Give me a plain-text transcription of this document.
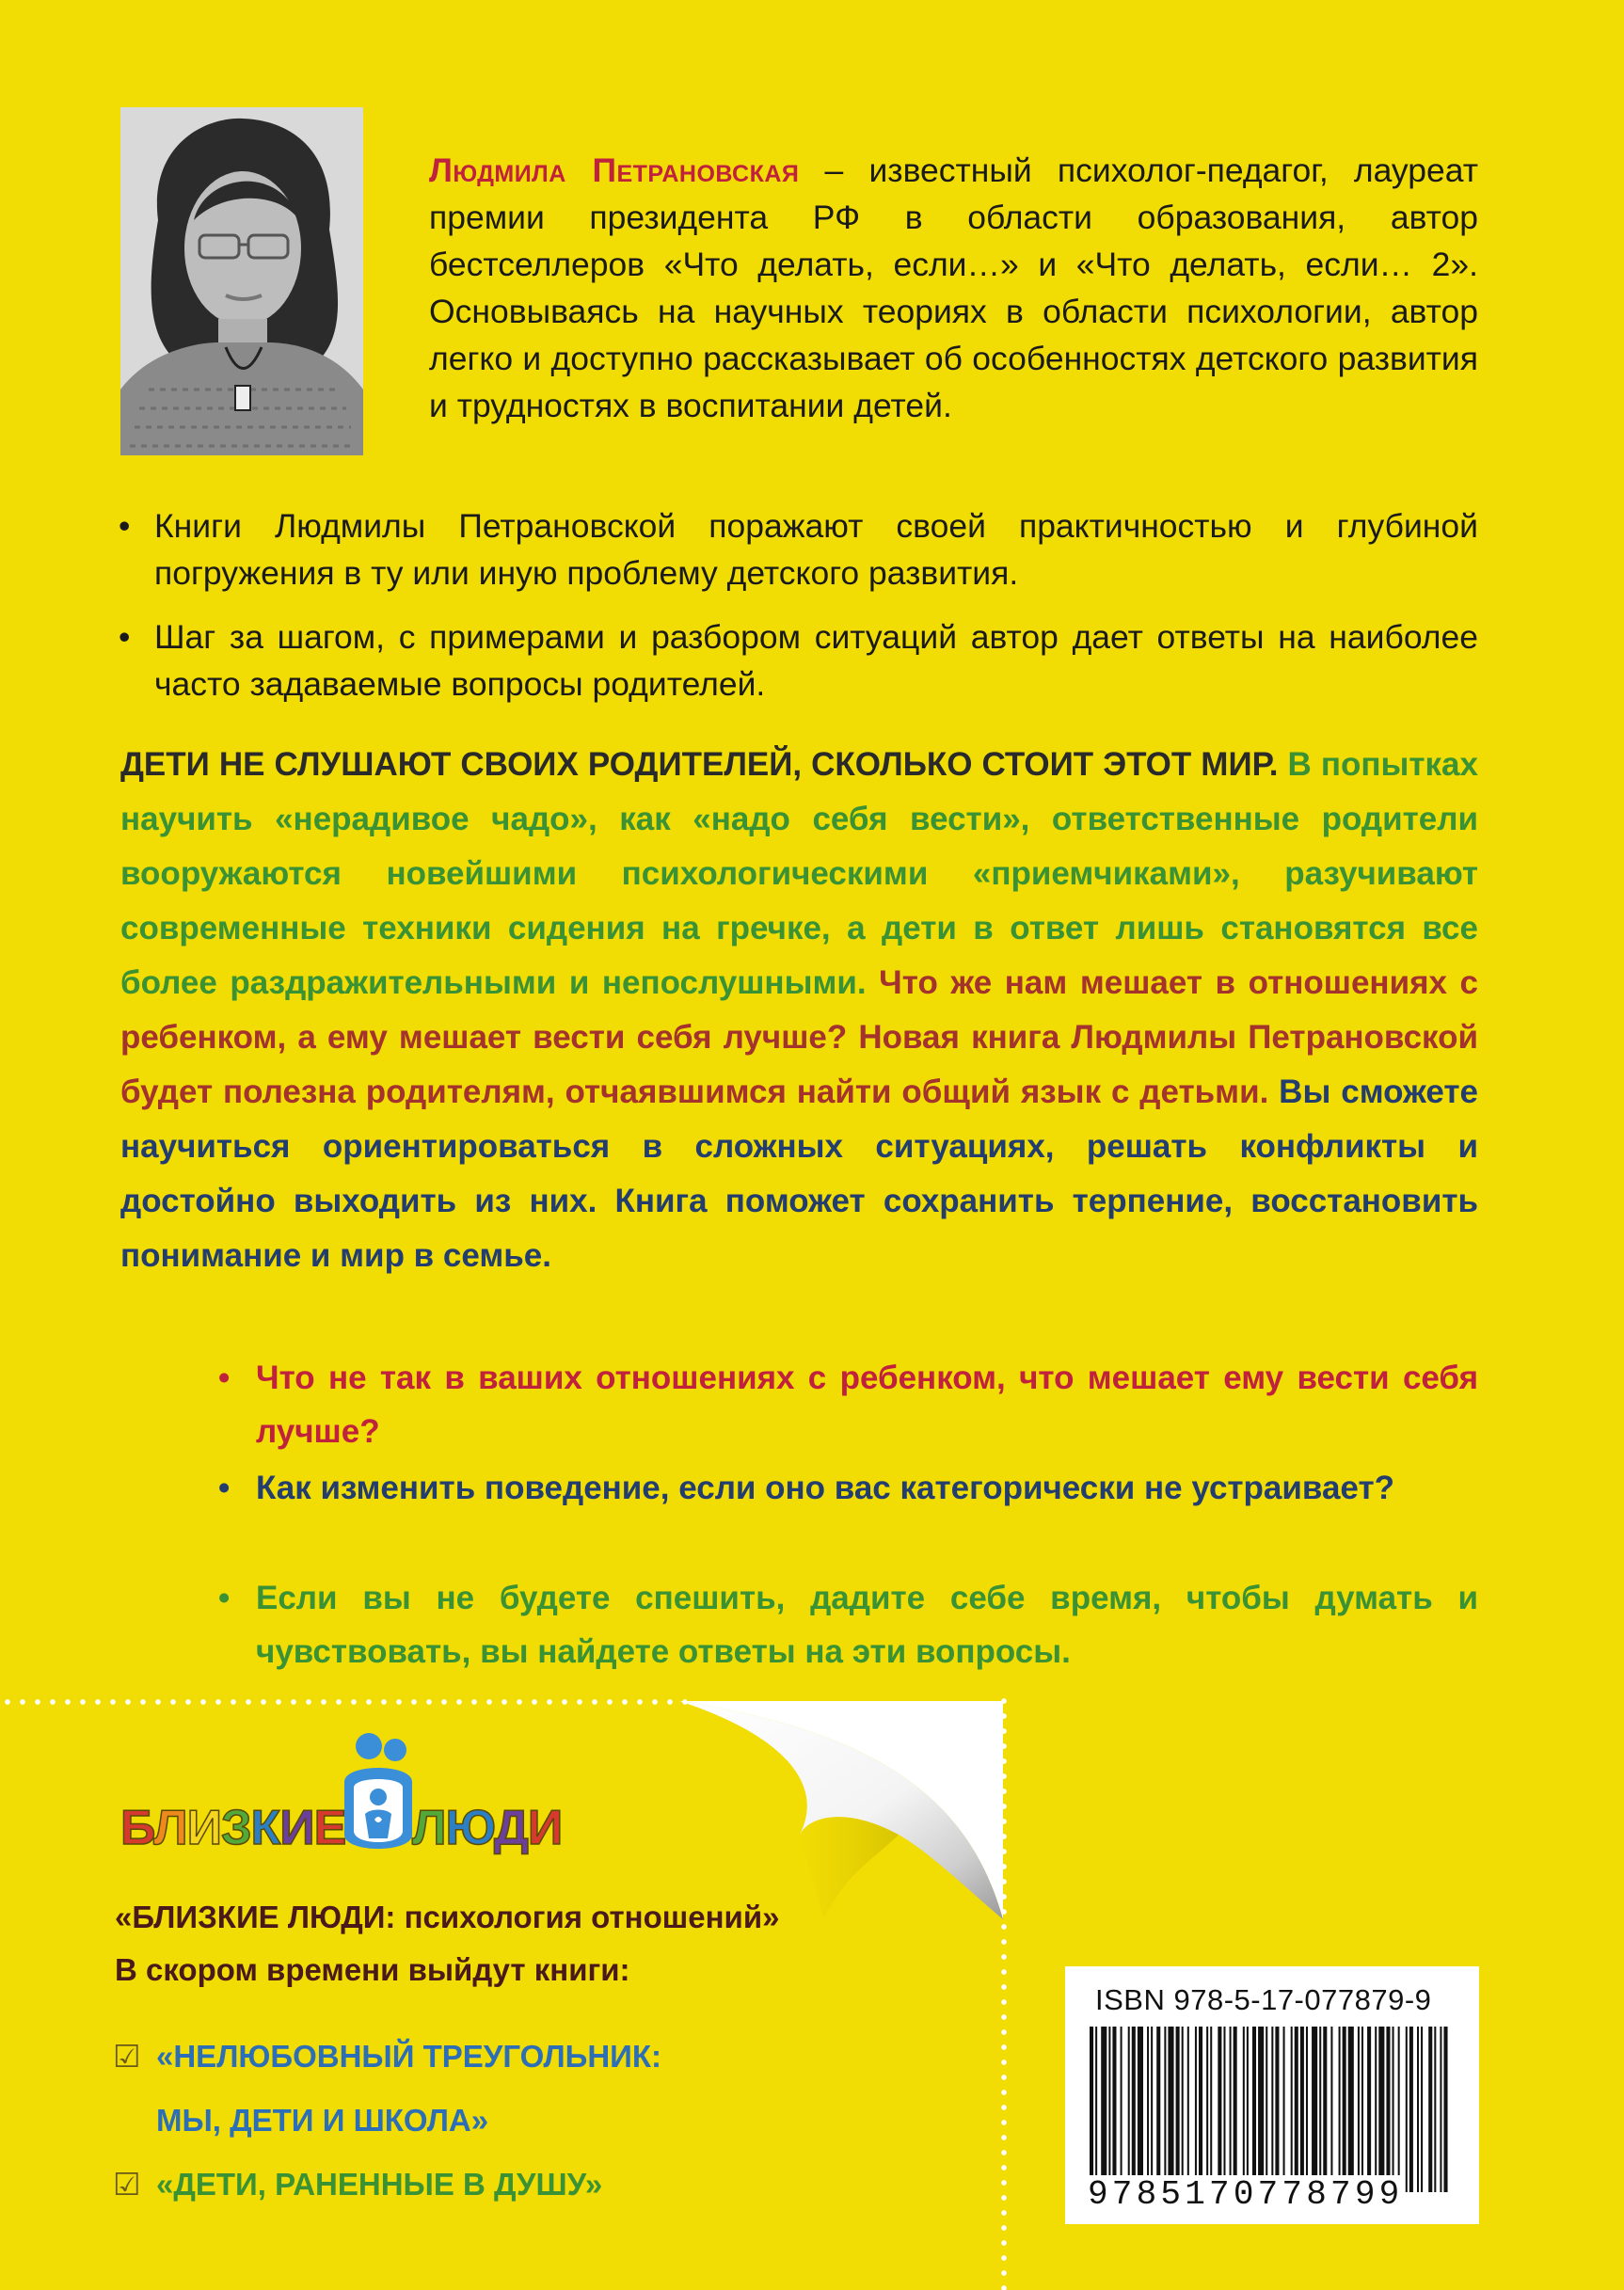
Людмила Петрановская – известный психолог-педагог, лауреат премии президента РФ в области образования, автор бестселлеров «Что делать, если…» и «Что делать, если… 2». Основываясь на научных теориях в области психологии, автор легко и доступно рассказывает об особенностях детского развития и трудностях в воспитании детей.
• Книги Людмилы Петрановской поражают своей практичностью и глубиной погружения в ту или иную проблему детского развития.
• Шаг за шагом, с примерами и разбором ситуаций автор дает ответы на наиболее часто задаваемые вопросы родителей.
ДЕТИ НЕ СЛУШАЮТ СВОИХ РОДИТЕЛЕЙ, СКОЛЬКО СТОИТ ЭТОТ МИР. В попытках научить «нерадивое чадо», как «надо себя вести», ответственные родители вооружаются новейшими психологическими «приемчиками», разучивают современные техники сидения на гречке, а дети в ответ лишь становятся все более раздражительными и непослушными. Что же нам мешает в отношениях с ребенком, а ему мешает вести себя лучше? Новая книга Людмилы Петрановской будет полезна родителям, отчаявшимся найти общий язык с детьми. Вы сможете научиться ориентироваться в сложных ситуациях, решать конфликты и достойно выходить из них. Книга поможет сохранить терпение, восстановить понимание и мир в семье.
• Что не так в ваших отношениях с ребенком, что мешает ему вести себя лучше?
• Как изменить поведение, если оно вас категорически не устраивает?
• Если вы не будете спешить, дадите себе время, чтобы думать и чувствовать, вы найдете ответы на эти вопросы.
БЛИЗКИЕ ЛЮДИ
«БЛИЗКИЕ ЛЮДИ: психология отношений»
В скором времени выйдут книги:
☑ «НЕЛЮБОВНЫЙ ТРЕУГОЛЬНИК:
МЫ, ДЕТИ И ШКОЛА»
☑ «ДЕТИ, РАНЕННЫЕ В ДУШУ»
ISBN 978-5-17-077879-9
9785170778799
